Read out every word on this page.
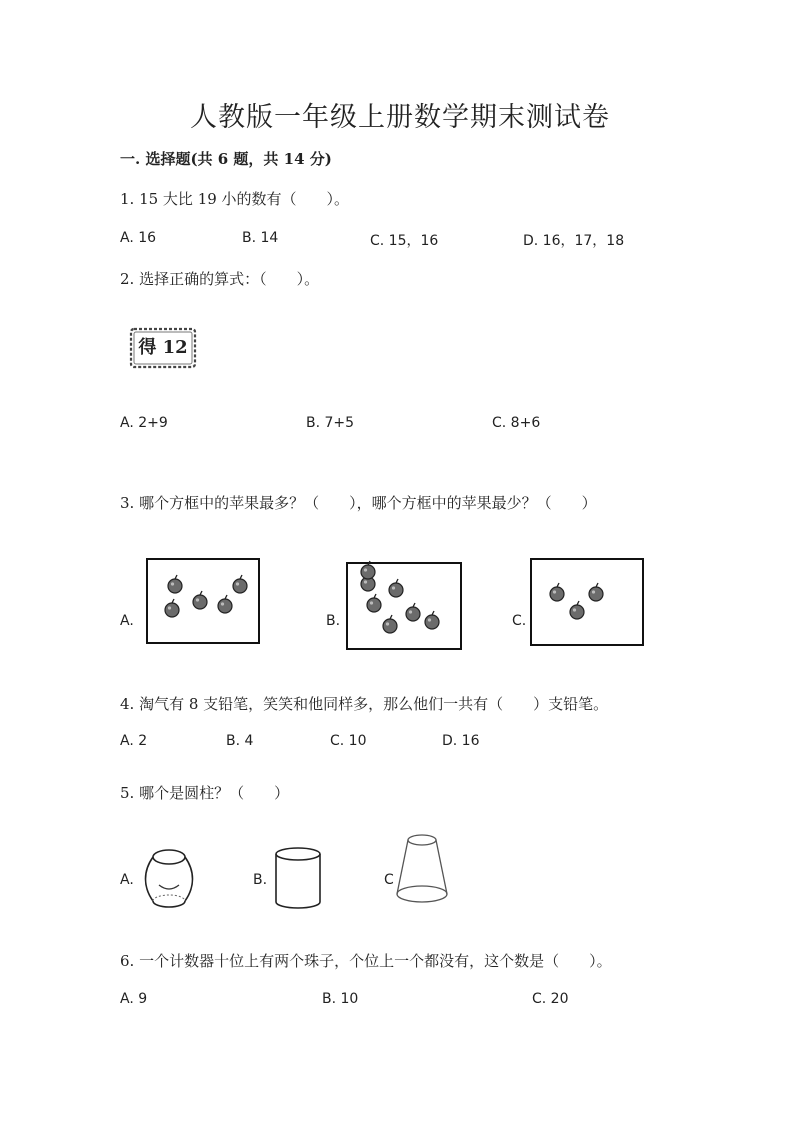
人教版一年级上册数学期末测试卷
一. 选择题(共 6 题，共 14 分)
1. 15 大比 19 小的数有（　　）。
A. 16	B. 14	C. 15，16	D. 16，17，18
2. 选择正确的算式：（　　）。
得 12
A. 2+9	B. 7+5	C. 8+6
3. 哪个方框中的苹果最多？（　　），哪个方框中的苹果最少？（　　）
A.	B.	C.
4. 淘气有 8 支铅笔，笑笑和他同样多，那么他们一共有（　　）支铅笔。
A. 2	B. 4	C. 10	D. 16
5. 哪个是圆柱？（　　）
A.	B.	C
6. 一个计数器十位上有两个珠子，个位上一个都没有，这个数是（　　）。
A. 9	B. 10	C. 20
